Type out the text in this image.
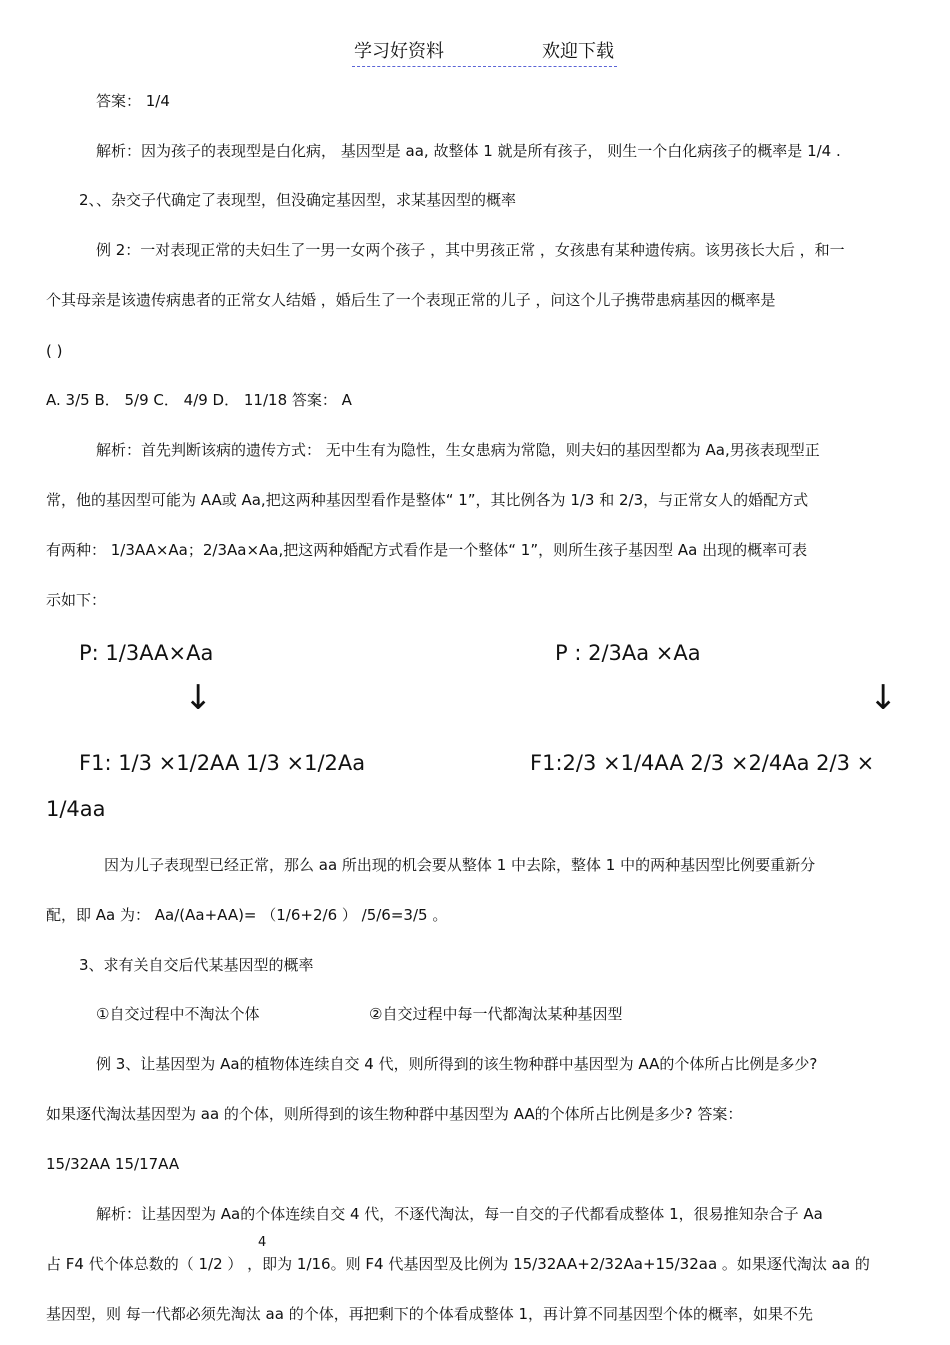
学习好资料	欢迎下载
答案： 1/4
解析：因为孩子的表现型是白化病， 基因型是 aa, 故整体 1 就是所有孩子， 则生一个白化病孩子的概率是 1/4 .
2、、杂交子代确定了表现型，但没确定基因型，求某基因型的概率
例 2：一对表现正常的夫妇生了一男一女两个孩子 ，其中男孩正常 ，女孩患有某种遗传病。该男孩长大后 ，和一
个其母亲是该遗传病患者的正常女人结婚 ，婚后生了一个表现正常的儿子 ，问这个儿子携带患病基因的概率是
( )
A. 3/5 B． 5/9 C． 4/9 D． 11/18 答案： A
解析：首先判断该病的遗传方式： 无中生有为隐性，生女患病为常隐，则夫妇的基因型都为 Aa,男孩表现型正
常，他的基因型可能为 AA或 Aa,把这两种基因型看作是整体“ 1”，其比例各为 1/3 和 2/3，与正常女人的婚配方式
有两种： 1/3AA×Aa；2/3Aa×Aa,把这两种婚配方式看作是一个整体“ 1”，则所生孩子基因型 Aa 出现的概率可表
示如下：
P: 1/3AA×Aa	P : 2/3Aa ×Aa
↓	↓
F1: 1/3 ×1/2AA 1/3 ×1/2Aa	F1:2/3 ×1/4AA 2/3 ×2/4Aa 2/3 ×
1/4aa
因为儿子表现型已经正常，那么 aa 所出现的机会要从整体 1 中去除，整体 1 中的两种基因型比例要重新分
配，即 Aa 为： Aa/(Aa+AA)= （1/6+2/6 ） /5/6=3/5 。
3、求有关自交后代某基因型的概率
①自交过程中不淘汰个体	②自交过程中每一代都淘汰某种基因型
例 3、让基因型为 Aa的植物体连续自交 4 代，则所得到的该生物种群中基因型为 AA的个体所占比例是多少?
如果逐代淘汰基因型为 aa 的个体，则所得到的该生物种群中基因型为 AA的个体所占比例是多少? 答案：
15/32AA 15/17AA
解析：让基因型为 Aa的个体连续自交 4 代，不逐代淘汰，每一自交的子代都看成整体 1，很易推知杂合子 Aa
4
占 F4 代个体总数的（ 1/2 ） ，即为 1/16。则 F4 代基因型及比例为 15/32AA+2/32Aa+15/32aa 。如果逐代淘汰 aa 的
基因型，则 每一代都必须先淘汰 aa 的个体，再把剩下的个体看成整体 1，再计算不同基因型个体的概率，如果不先
